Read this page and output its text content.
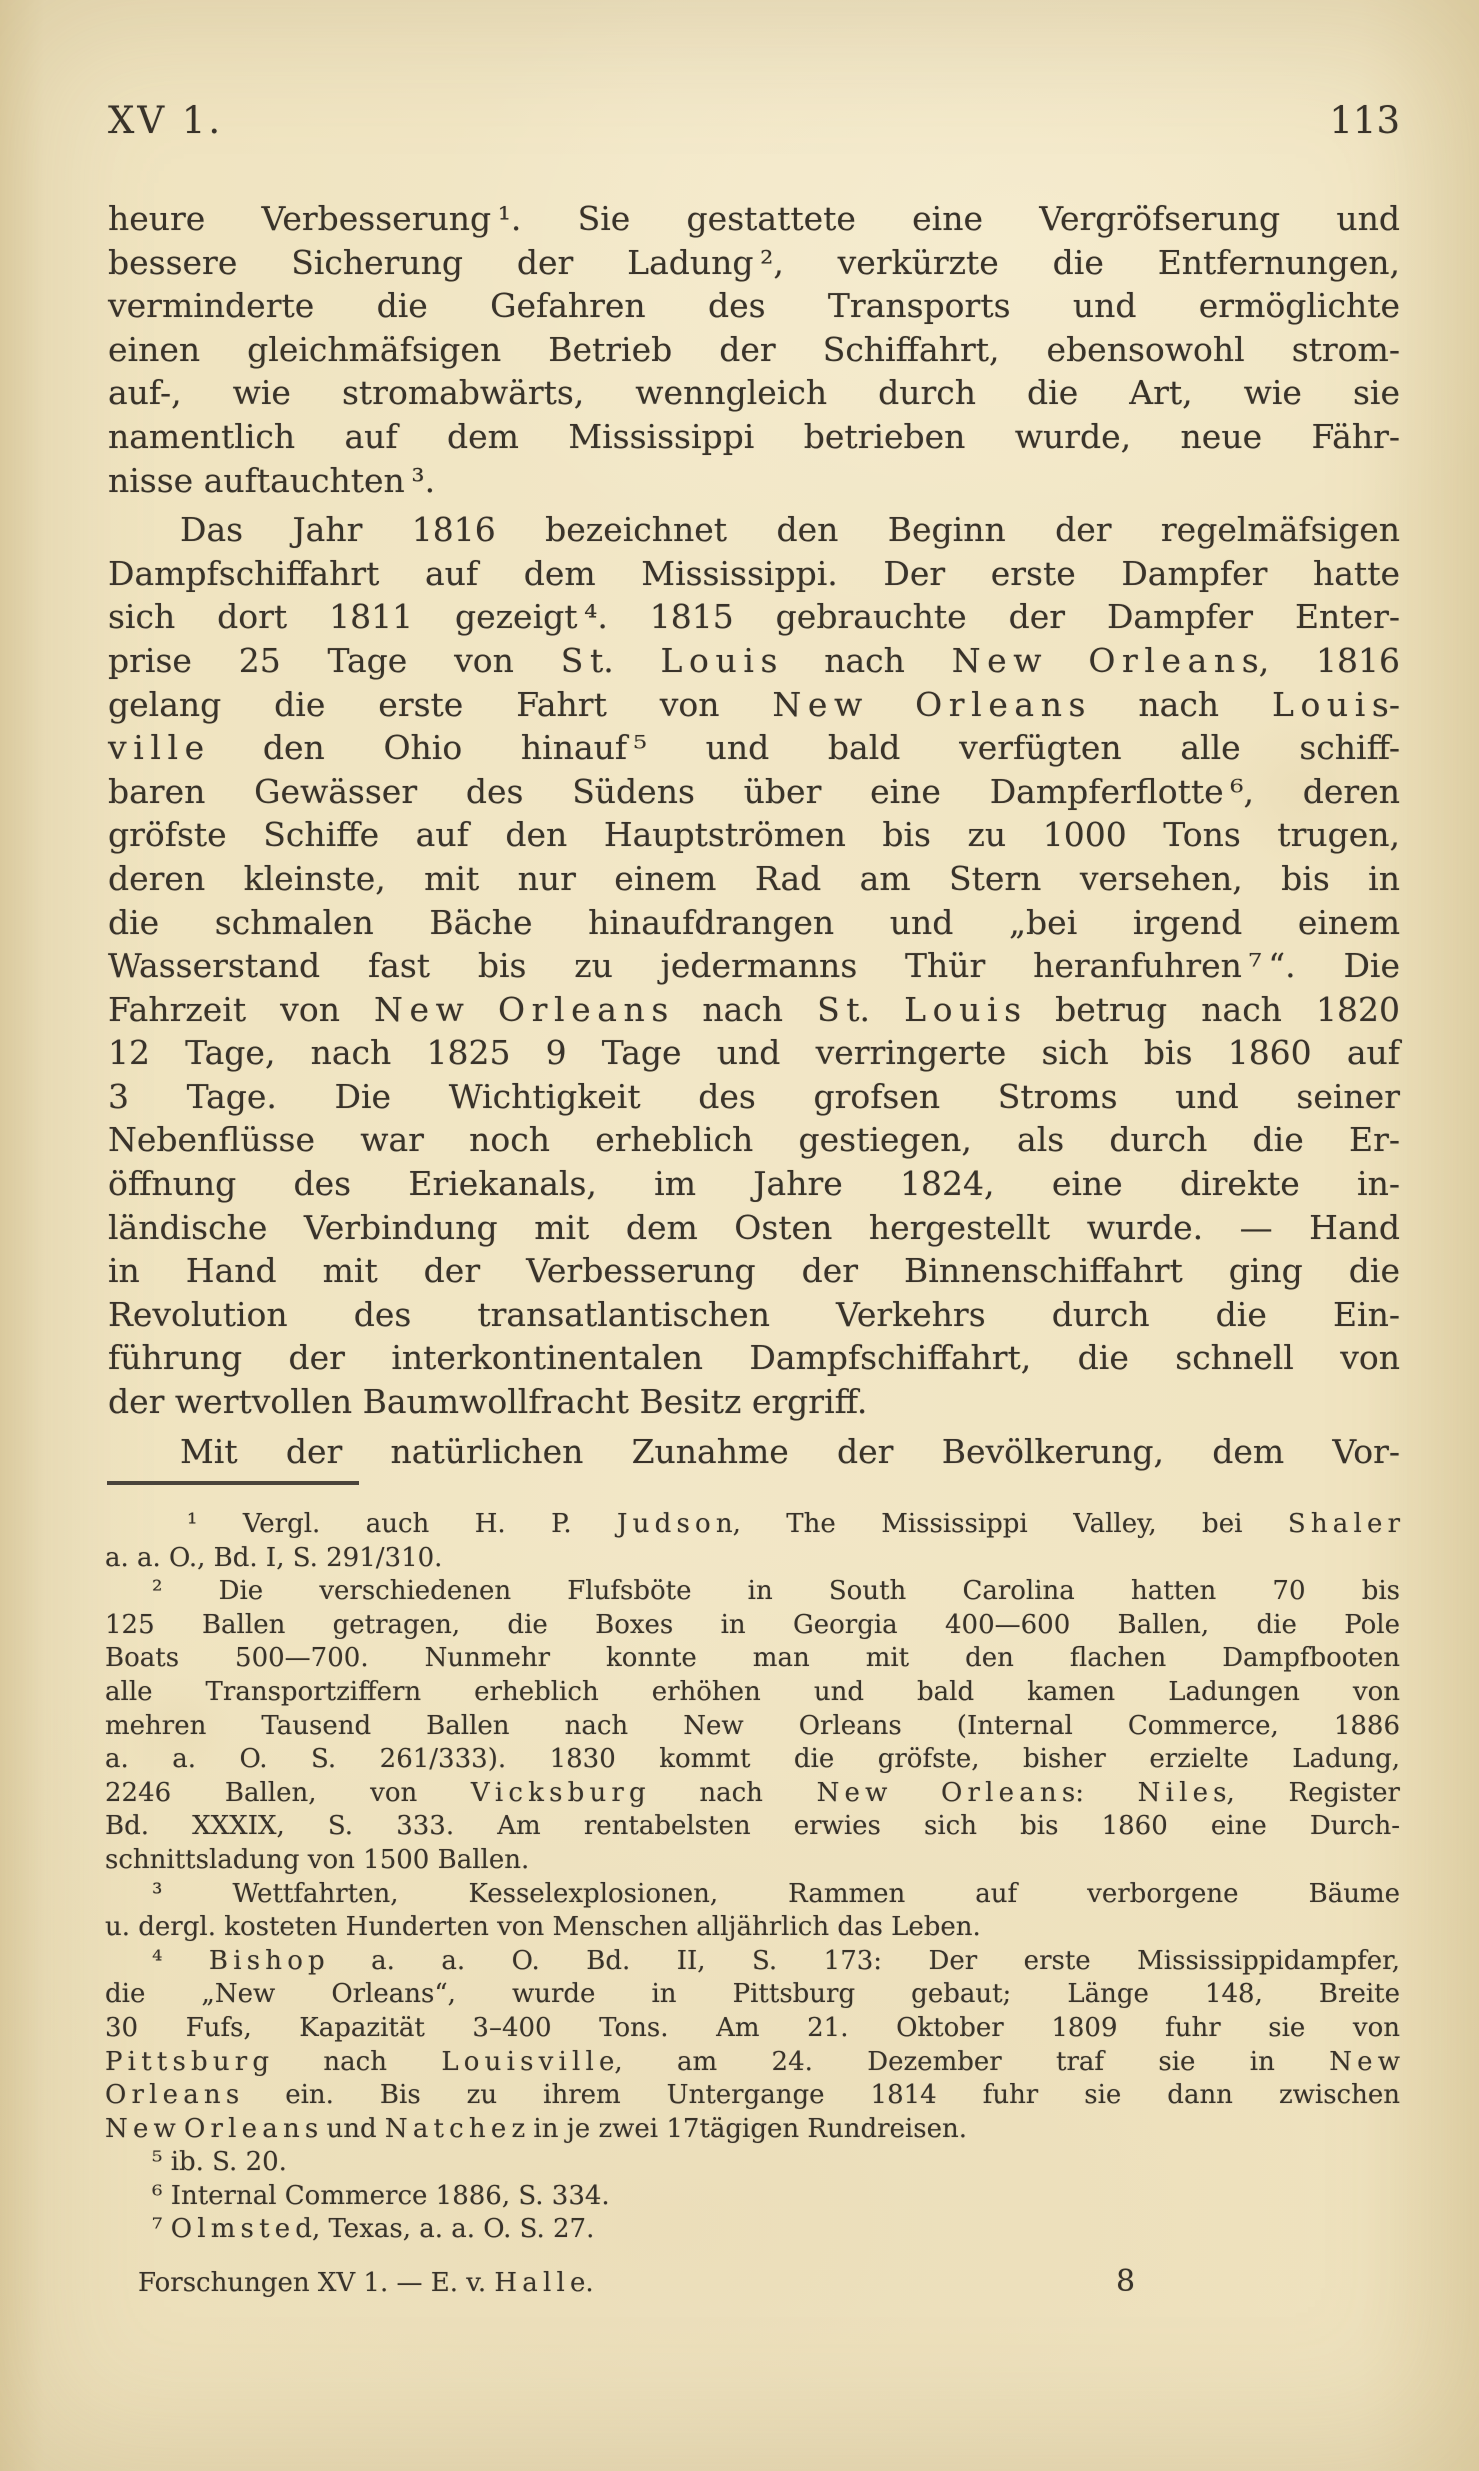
XV 1.	113
heure Verbesserung ¹. Sie gestattete eine Vergröfserung und
bessere Sicherung der Ladung ², verkürzte die Entfernungen,
verminderte die Gefahren des Transports und ermöglichte
einen gleichmäfsigen Betrieb der Schiffahrt, ebensowohl strom-
auf-, wie stromabwärts, wenngleich durch die Art, wie sie
namentlich auf dem Mississippi betrieben wurde, neue Fähr-
nisse auftauchten ³.
Das Jahr 1816 bezeichnet den Beginn der regelmäfsigen
Dampfschiffahrt auf dem Mississippi. Der erste Dampfer hatte
sich dort 1811 gezeigt ⁴. 1815 gebrauchte der Dampfer Enter-
prise 25 Tage von S t. L o u i s nach N e w O r l e a n s, 1816
gelang die erste Fahrt von N e w O r l e a n s nach L o u i s-
v i l l e den Ohio hinauf ⁵ und bald verfügten alle schiff-
baren Gewässer des Südens über eine Dampferflotte ⁶, deren
gröfste Schiffe auf den Hauptströmen bis zu 1000 Tons trugen,
deren kleinste, mit nur einem Rad am Stern versehen, bis in
die schmalen Bäche hinaufdrangen und „bei irgend einem
Wasserstand fast bis zu jedermanns Thür heranfuhren ⁷ “. Die
Fahrzeit von N e w O r l e a n s nach S t. L o u i s betrug nach 1820
12 Tage, nach 1825 9 Tage und verringerte sich bis 1860 auf
3 Tage. Die Wichtigkeit des grofsen Stroms und seiner
Nebenflüsse war noch erheblich gestiegen, als durch die Er-
öffnung des Eriekanals, im Jahre 1824, eine direkte in-
ländische Verbindung mit dem Osten hergestellt wurde. — Hand
in Hand mit der Verbesserung der Binnenschiffahrt ging die
Revolution des transatlantischen Verkehrs durch die Ein-
führung der interkontinentalen Dampfschiffahrt, die schnell von
der wertvollen Baumwollfracht Besitz ergriff.
Mit der natürlichen Zunahme der Bevölkerung, dem Vor-
¹ Vergl. auch H. P. J u d s o n, The Mississippi Valley, bei S h a l e r
a. a. O., Bd. I, S. 291/310.
² Die verschiedenen Flufsböte in South Carolina hatten 70 bis
125 Ballen getragen, die Boxes in Georgia 400—600 Ballen, die Pole
Boats 500—700. Nunmehr konnte man mit den flachen Dampfbooten
alle Transportziffern erheblich erhöhen und bald kamen Ladungen von
mehren Tausend Ballen nach New Orleans (Internal Commerce, 1886
a. a. O. S. 261/333). 1830 kommt die gröfste, bisher erzielte Ladung,
2246 Ballen, von V i c k s b u r g nach N e w O r l e a n s: N i l e s, Register
Bd. XXXIX, S. 333. Am rentabelsten erwies sich bis 1860 eine Durch-
schnittsladung von 1500 Ballen.
³ Wettfahrten, Kesselexplosionen, Rammen auf verborgene Bäume
u. dergl. kosteten Hunderten von Menschen alljährlich das Leben.
⁴ B i s h o p a. a. O. Bd. II, S. 173: Der erste Mississippidampfer,
die „New Orleans“, wurde in Pittsburg gebaut; Länge 148, Breite
30 Fufs, Kapazität 3–400 Tons. Am 21. Oktober 1809 fuhr sie von
P i t t s b u r g nach L o u i s v i l l e, am 24. Dezember traf sie in N e w
O r l e a n s ein. Bis zu ihrem Untergange 1814 fuhr sie dann zwischen
N e w O r l e a n s und N a t c h e z in je zwei 17tägigen Rundreisen.
⁵ ib. S. 20.
⁶ Internal Commerce 1886, S. 334.
⁷ O l m s t e d, Texas, a. a. O. S. 27.
Forschungen XV 1. — E. v. H a l l e.	8
